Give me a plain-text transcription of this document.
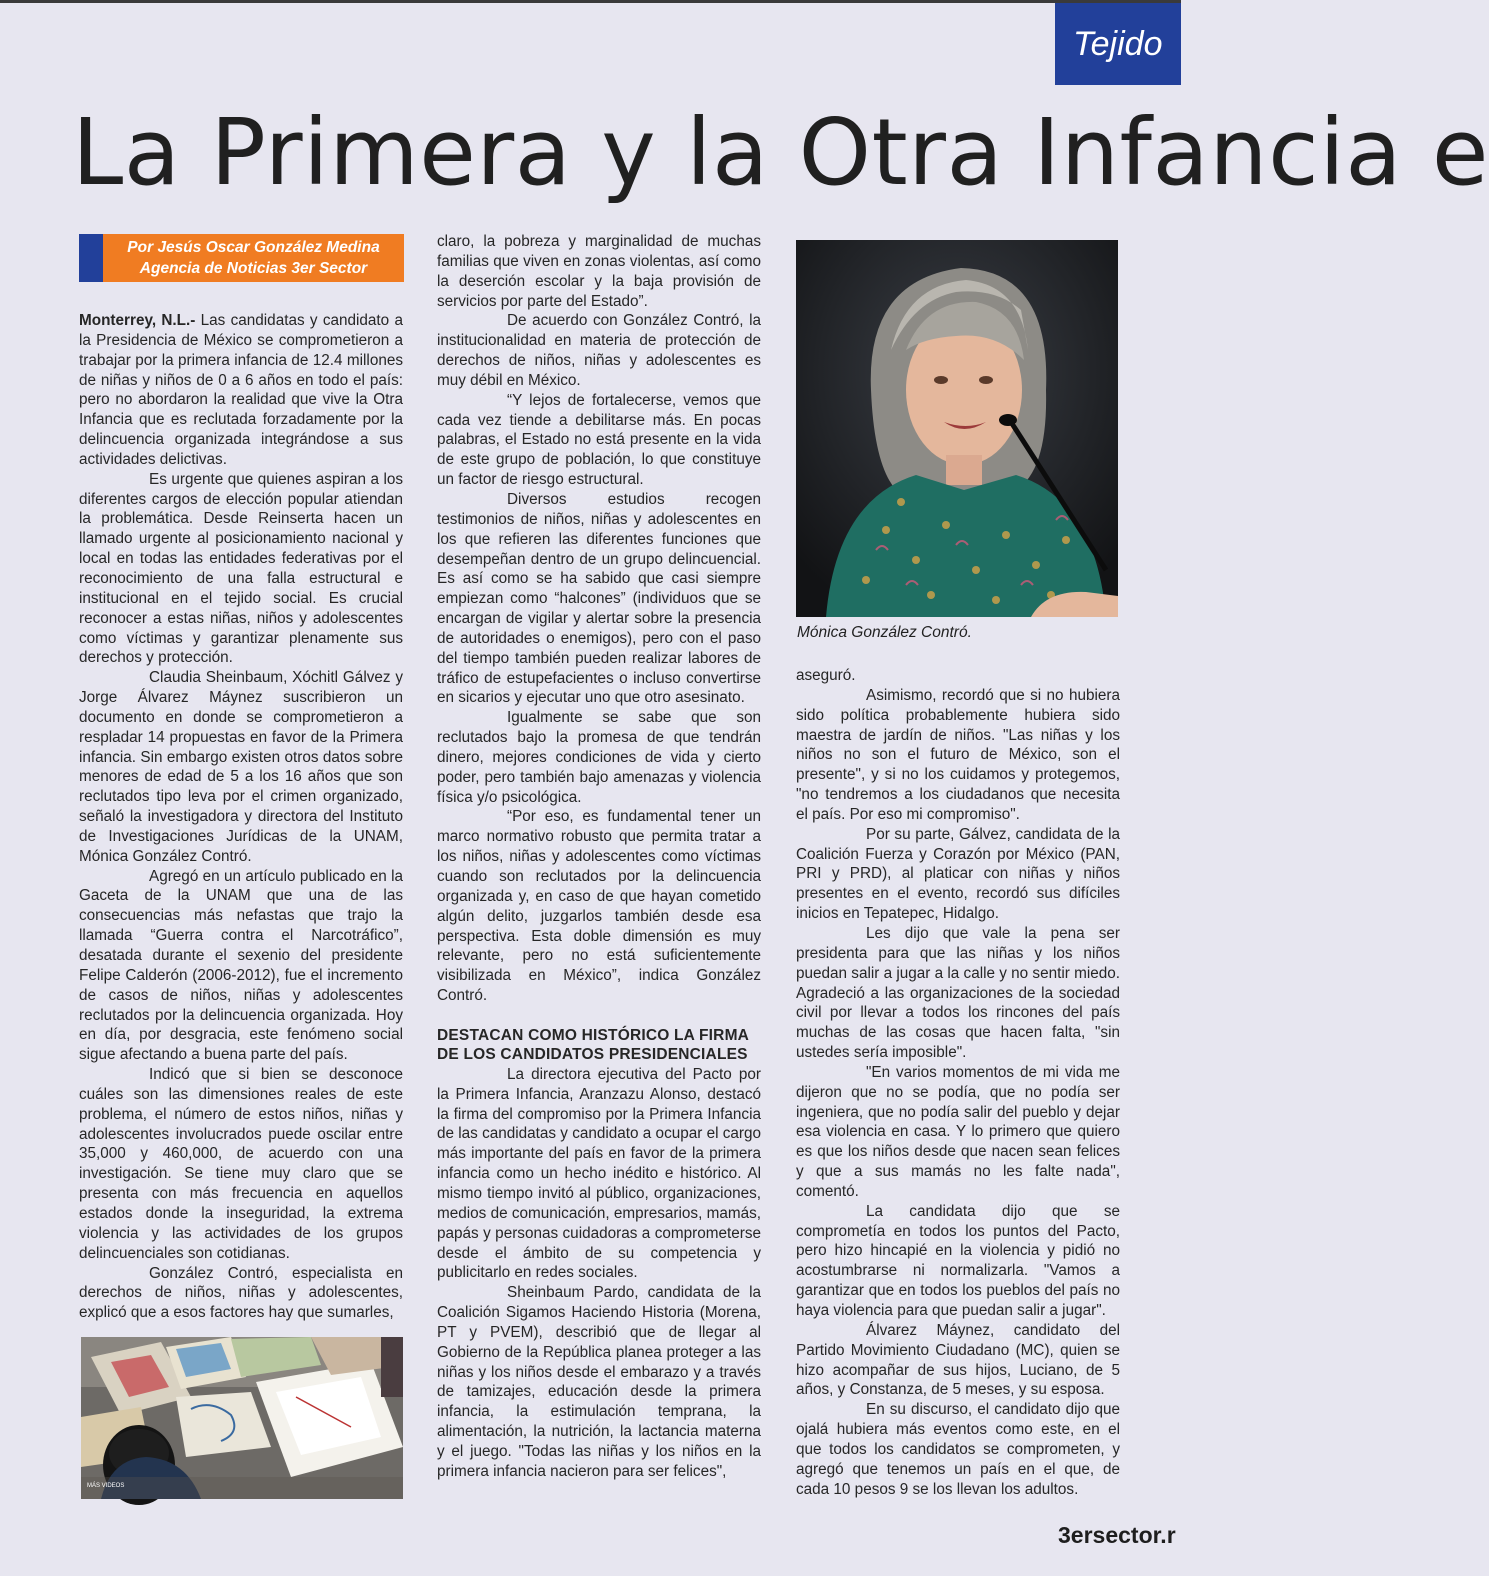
Tejido
La Primera y la Otra Infancia e
Por Jesús Oscar González Medina
Agencia de Noticias 3er Sector

Monterrey, N.L.- Las candidatas y candidato a la Presidencia de México se comprometieron a trabajar por la primera infancia de 12.4 millones de niñas y niños de 0 a 6 años en todo el país: pero no abordaron la realidad que vive la Otra Infancia que es reclutada forzadamente por la delincuencia organizada integrándose a sus actividades delictivas.

Es urgente que quienes aspiran a los diferentes cargos de elección popular atiendan la problemática. Desde Reinserta hacen un llamado urgente al posicionamiento nacional y local en todas las entidades federativas por el reconocimiento de una falla estructural e institucional en el tejido social. Es crucial reconocer a estas niñas, niños y adolescentes como víctimas y garantizar plenamente sus derechos y protección.

Claudia Sheinbaum, Xóchitl Gálvez y Jorge Álvarez Máynez suscribieron un documento en donde se comprometieron a respladar 14 propuestas en favor de la Primera infancia. Sin embargo existen otros datos sobre menores de edad de 5 a los 16 años que son reclutados tipo leva por el crimen organizado, señaló la investigadora y directora del Instituto de Investigaciones Jurídicas de la UNAM, Mónica González Contró.

Agregó en un artículo publicado en la Gaceta de la UNAM que una de las consecuencias más nefastas que trajo la llamada “Guerra contra el Narcotráfico”, desatada durante el sexenio del presidente Felipe Calderón (2006-2012), fue el incremento de casos de niños, niñas y adolescentes reclutados por la delincuencia organizada. Hoy en día, por desgracia, este fenómeno social sigue afectando a buena parte del país.

Indicó que si bien se desconoce cuáles son las dimensiones reales de este problema, el número de estos niños, niñas y adolescentes involucrados puede oscilar entre 35,000 y 460,000, de acuerdo con una investigación. Se tiene muy claro que se presenta con más frecuencia en aquellos estados donde la inseguridad, la extrema violencia y las actividades de los grupos delincuenciales son cotidianas.

González Contró, especialista en derechos de niños, niñas y adolescentes, explicó que a esos factores hay que sumarles,

MÁS VIDEOS

claro, la pobreza y marginalidad de muchas familias que viven en zonas violentas, así como la deserción escolar y la baja provisión de servicios por parte del Estado”.

De acuerdo con González Contró, la institucionalidad en materia de protección de derechos de niños, niñas y adolescentes es muy débil en México.

“Y lejos de fortalecerse, vemos que cada vez tiende a debilitarse más. En pocas palabras, el Estado no está presente en la vida de este grupo de población, lo que constituye un factor de riesgo estructural.

Diversos estudios recogen testimonios de niños, niñas y adolescentes en los que refieren las diferentes funciones que desempeñan dentro de un grupo delincuencial. Es así como se ha sabido que casi siempre empiezan como “halcones” (individuos que se encargan de vigilar y alertar sobre la presencia de autoridades o enemigos), pero con el paso del tiempo también pueden realizar labores de tráfico de estupefacientes o incluso convertirse en sicarios y ejecutar uno que otro asesinato.

Igualmente se sabe que son reclutados bajo la promesa de que tendrán dinero, mejores condiciones de vida y cierto poder, pero también bajo amenazas y violencia física y/o psicológica.

“Por eso, es fundamental tener un marco normativo robusto que permita tratar a los niños, niñas y adolescentes como víctimas cuando son reclutados por la delincuencia organizada y, en caso de que hayan cometido algún delito, juzgarlos también desde esa perspectiva. Esta doble dimensión es muy relevante, pero no está suficientemente visibilizada en México”, indica González Contró.

DESTACAN COMO HISTÓRICO LA FIRMA DE LOS CANDIDATOS PRESIDENCIALES

La directora ejecutiva del Pacto por la Primera Infancia, Aranzazu Alonso, destacó la firma del compromiso por la Primera Infancia de las candidatas y candidato a ocupar el cargo más importante del país en favor de la primera infancia como un hecho inédito e histórico. Al mismo tiempo invitó al público, organizaciones, medios de comunicación, empresarios, mamás, papás y personas cuidadoras a comprometerse desde el ámbito de su competencia y publicitarlo en redes sociales.

Sheinbaum Pardo, candidata de la Coalición Sigamos Haciendo Historia (Morena, PT y PVEM), describió que de llegar al Gobierno de la República planea proteger a las niñas y los niños desde el embarazo y a través de tamizajes, educación desde la primera infancia, la estimulación temprana, la alimentación, la nutrición, la lactancia materna y el juego. "Todas las niñas y los niños en la primera infancia nacieron para ser felices",

Mónica González Contró.

aseguró.

Asimismo, recordó que si no hubiera sido política probablemente hubiera sido maestra de jardín de niños. "Las niñas y los niños no son el futuro de México, son el presente", y si no los cuidamos y protegemos, "no tendremos a los ciudadanos que necesita el país. Por eso mi compromiso".

Por su parte, Gálvez, candidata de la Coalición Fuerza y Corazón por México (PAN, PRI y PRD), al platicar con niñas y niños presentes en el evento, recordó sus difíciles inicios en Tepatepec, Hidalgo.

Les dijo que vale la pena ser presidenta para que las niñas y los niños puedan salir a jugar a la calle y no sentir miedo. Agradeció a las organizaciones de la sociedad civil por llevar a todos los rincones del país muchas de las cosas que hacen falta, "sin ustedes sería imposible".

"En varios momentos de mi vida me dijeron que no se podía, que no podía ser ingeniera, que no podía salir del pueblo y dejar esa violencia en casa. Y lo primero que quiero es que los niños desde que nacen sean felices y que a sus mamás no les falte nada", comentó.

La candidata dijo que se comprometía en todos los puntos del Pacto, pero hizo hincapié en la violencia y pidió no acostumbrarse ni normalizarla. "Vamos a garantizar que en todos los pueblos del país no haya violencia para que puedan salir a jugar".

Álvarez Máynez, candidato del Partido Movimiento Ciudadano (MC), quien se hizo acompañar de sus hijos, Luciano, de 5 años, y Constanza, de 5 meses, y su esposa.

En su discurso, el candidato dijo que ojalá hubiera más eventos como este, en el que todos los candidatos se comprometen, y agregó que tenemos un país en el que, de cada 10 pesos 9 se los llevan los adultos.

3ersector.r
